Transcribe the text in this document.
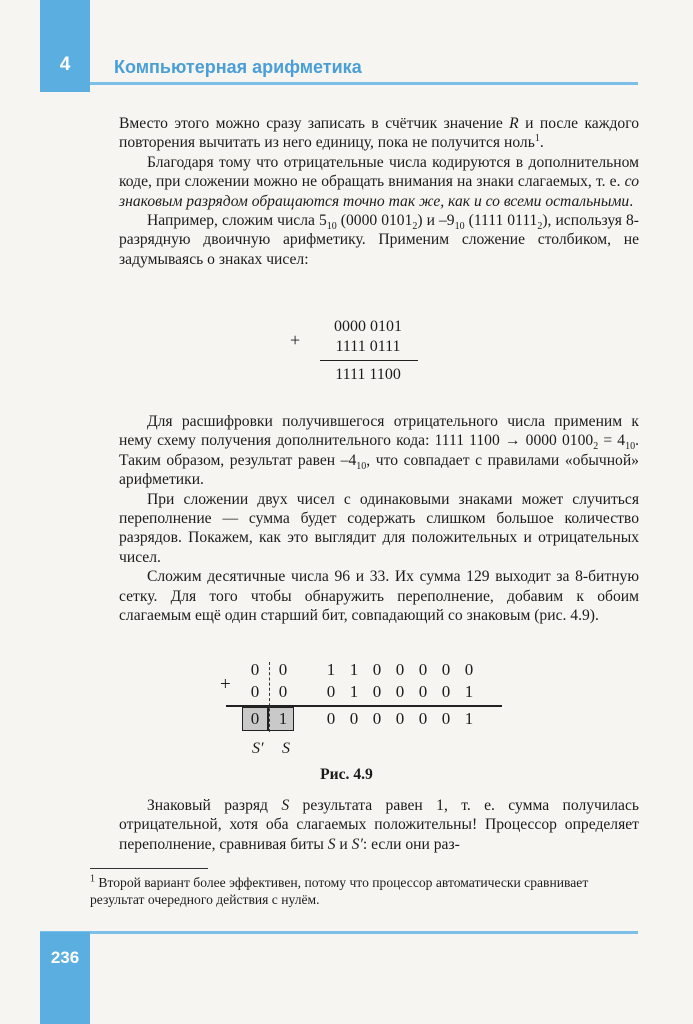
4	Компьютерная арифметика

Вместо этого можно сразу записать в счётчик значение R и после каждого повторения вычитать из него единицу, пока не получится ноль$^1$.

Благодаря тому что отрицательные числа кодируются в дополнительном коде, при сложении можно не обращать внимания на знаки слагаемых, т. е. со знаковым разрядом обращаются точно так же, как и со всеми остальными.

Например, сложим числа $5_{10}$ (0000 $0101_2$) и $-9_{10}$ (1111 $0111_2$), используя 8-разрядную двоичную арифметику. Применим сложение столбиком, не задумываясь о знаках чисел:

+
0000 0101
1111 0111
1111 1100

Для расшифровки получившегося отрицательного числа применим к нему схему получения дополнительного кода: 1111 1100 → 0000 $0100_2 = 4_{10}$. Таким образом, результат равен $-4_{10}$, что совпадает с правилами «обычной» арифметики.

При сложении двух чисел с одинаковыми знаками может случиться переполнение — сумма будет содержать слишком большое количество разрядов. Покажем, как это выглядит для положительных и отрицательных чисел.

Сложим десятичные числа 96 и 33. Их сумма 129 выходит за 8-битную сетку. Для того чтобы обнаружить переполнение, добавим к обоим слагаемым ещё один старший бит, совпадающий со знаковым (рис. 4.9).

+
0	0	1 1 0 0 0 0 0
0	0	0 1 0 0 0 0 1
0	1	0 0 0 0 0 0 1
S′ S
Рис. 4.9

Знаковый разряд S результата равен 1, т. е. сумма получилась отрицательной, хотя оба слагаемых положительны! Процессор определяет переполнение, сравнивая биты S и S′: если они раз-

$^1$ Второй вариант более эффективен, потому что процессор автоматически сравнивает результат очередного действия с нулём.

236
